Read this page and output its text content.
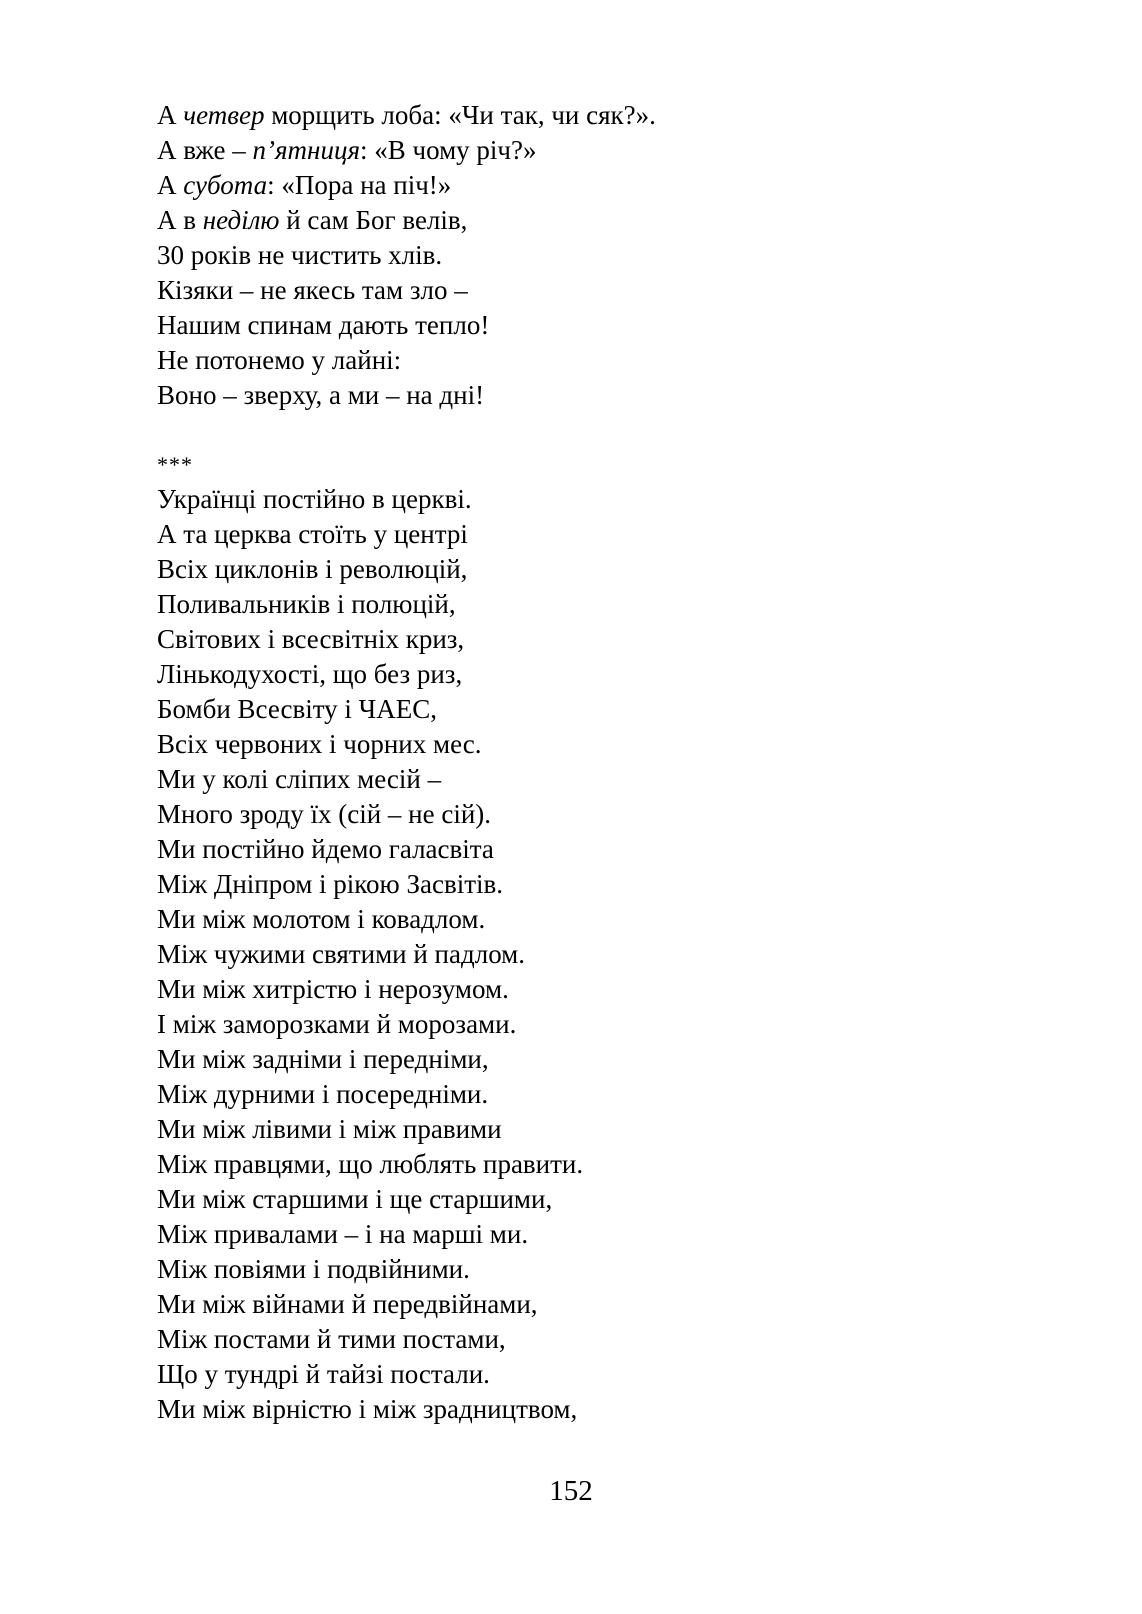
А четвер морщить лоба: «Чи так, чи сяк?».
А вже – п’ятниця: «В чому річ?»
А субота: «Пора на піч!»
А в неділю й сам Бог велів,
30 років не чистить хлів.
Кізяки – не якесь там зло –
Нашим спинам дають тепло!
Не потонемо у лайні:
Воно – зверху, а ми – на дні!
***
Українці постійно в церкві.
А та церква стоїть у центрі
Всіх циклонів і революцій,
Поливальників і полюцій,
Світових і всесвітніх криз,
Лінькодухості, що без риз,
Бомби Всесвіту і ЧАЕС,
Всіх червоних і чорних мес.
Ми у колі сліпих месій –
Много зроду їх (сій – не сій).
Ми постійно йдемо галасвіта
Між Дніпром і рікою Засвітів.
Ми між молотом і ковадлом.
Між чужими святими й падлом.
Ми між хитрістю і нерозумом.
І між заморозками й морозами.
Ми між задніми і передніми,
Між дурними і посередніми.
Ми між лівими і між правими
Між правцями, що люблять правити.
Ми між старшими і ще старшими,
Між привалами – і на марші ми.
Між повіями і подвійними.
Ми між війнами й передвійнами,
Між постами й тими постами,
Що у тундрі й тайзі постали.
Ми між вірністю і між зрадництвом,
152
